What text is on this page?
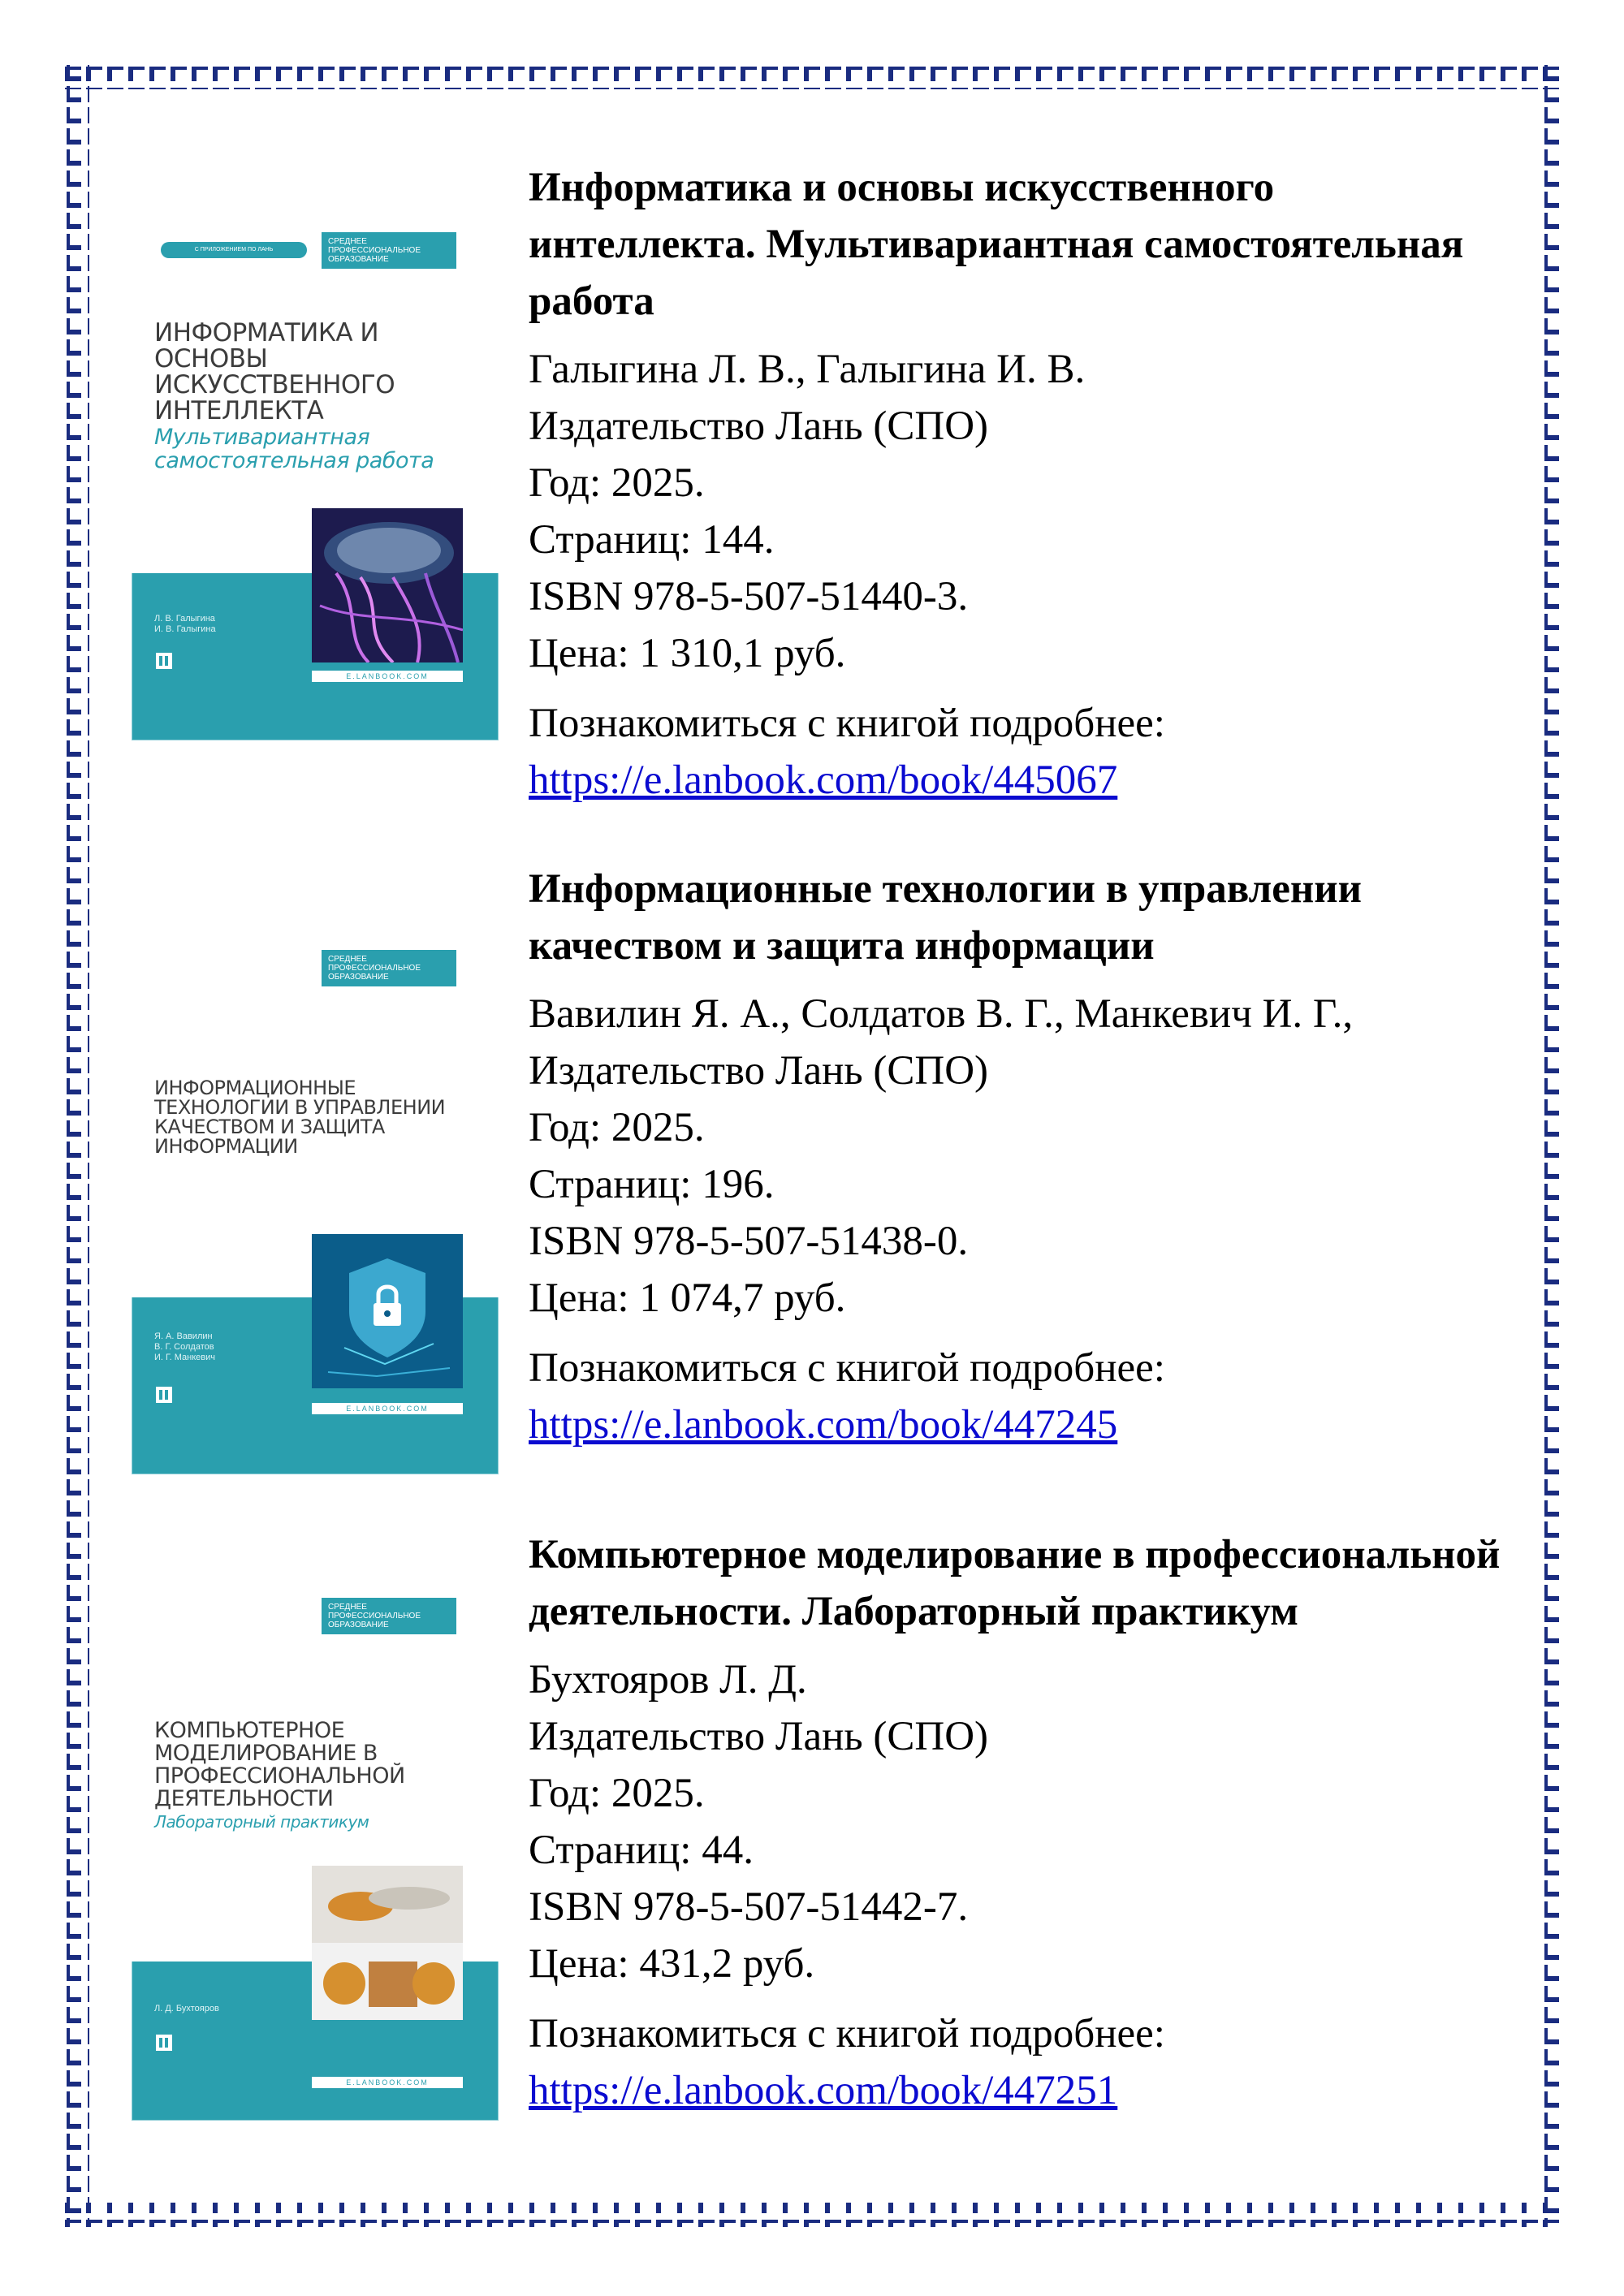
С ПРИЛОЖЕНИЕМ ПО ЛАНЬ
СРЕДНЕЕ ПРОФЕССИОНАЛЬНОЕ ОБРАЗОВАНИЕ
ИНФОРМАТИКА И ОСНОВЫ ИСКУССТВЕННОГО ИНТЕЛЛЕКТА
Мультивариантная самостоятельная работа
Л. В. Галыгина
И. В. Галыгина
E.LANBOOK.COM
Информатика и основы искусственного интеллекта. Мультивариантная самостоятельная работа
Галыгина Л. В., Галыгина И. В.
Издательство Лань (СПО)
Год: 2025.
Страниц: 144.
ISBN 978-5-507-51440-3.
Цена: 1 310,1 руб.
Познакомиться с книгой подробнее: https://e.lanbook.com/book/445067
СРЕДНЕЕ ПРОФЕССИОНАЛЬНОЕ ОБРАЗОВАНИЕ
ИНФОРМАЦИОННЫЕ ТЕХНОЛОГИИ В УПРАВЛЕНИИ КАЧЕСТВОМ И ЗАЩИТА ИНФОРМАЦИИ
Я. А. Вавилин
В. Г. Солдатов
И. Г. Манкевич
E.LANBOOK.COM
Информационные технологии в управлении качеством и защита информации
Вавилин Я. А., Солдатов В. Г., Манкевич И. Г.,
Издательство Лань (СПО)
Год: 2025.
Страниц: 196.
ISBN 978-5-507-51438-0.
Цена: 1 074,7 руб.
Познакомиться с книгой подробнее: https://e.lanbook.com/book/447245
СРЕДНЕЕ ПРОФЕССИОНАЛЬНОЕ ОБРАЗОВАНИЕ
КОМПЬЮТЕРНОЕ МОДЕЛИРОВАНИЕ В ПРОФЕССИОНАЛЬНОЙ ДЕЯТЕЛЬНОСТИ
Лабораторный практикум
Л. Д. Бухтояров
E.LANBOOK.COM
Компьютерное моделирование в профессиональной деятельности. Лабораторный практикум
Бухтояров Л. Д.
Издательство Лань (СПО)
Год: 2025.
Страниц: 44.
ISBN 978-5-507-51442-7.
Цена: 431,2 руб.
Познакомиться с книгой подробнее: https://e.lanbook.com/book/447251
